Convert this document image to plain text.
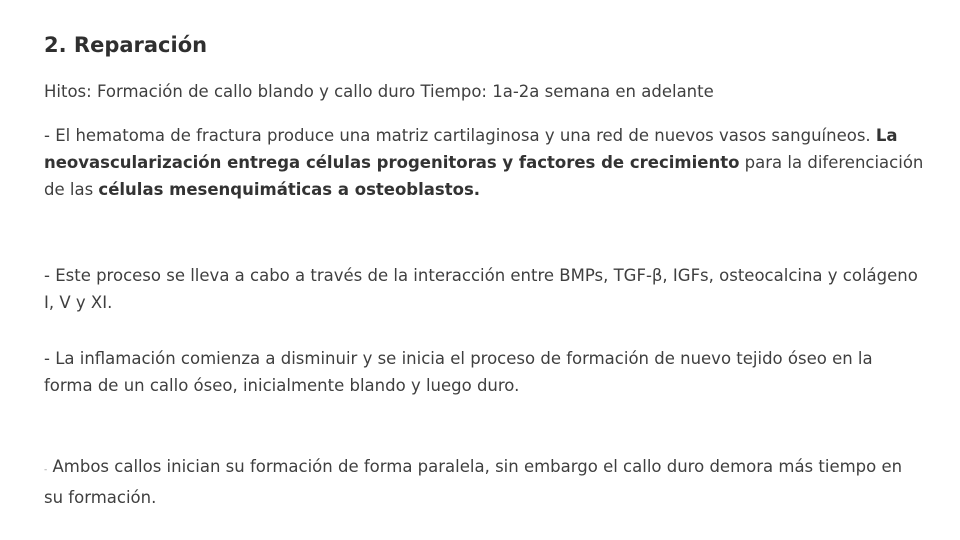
2. Reparación
Hitos: Formación de callo blando y callo duro Tiempo: 1a-2a semana en adelante
- El hematoma de fractura produce una matriz cartilaginosa y una red de nuevos vasos sanguíneos. La neovascularización entrega células progenitoras y factores de crecimiento para la diferenciación de las células mesenquimáticas a osteoblastos.
- Este proceso se lleva a cabo a través de la interacción entre BMPs, TGF-β, IGFs, osteocalcina y colágeno I, V y XI.
- La inflamación comienza a disminuir y se inicia el proceso de formación de nuevo tejido óseo en la forma de un callo óseo, inicialmente blando y luego duro.
- Ambos callos inician su formación de forma paralela, sin embargo el callo duro demora más tiempo en su formación.
